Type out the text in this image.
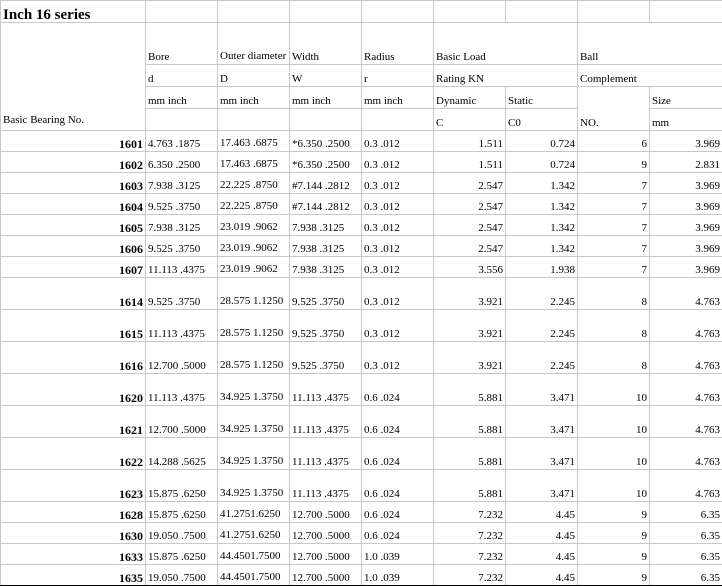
Inch 16 series								
Basic Bearing No.	Bore	Outer diameter	Width	Radius	Basic Load		Ball	
	d	D	W	r	Rating KN		Complement	
	mm inch	mm inch	mm inch	mm inch	Dynamic	Static	NO.	Size
					C	C0		mm
1601	4.763 .1875	17.463 .6875	*6.350 .2500	0.3 .012	1.511	0.724	6	3.969
1602	6.350 .2500	17.463 .6875	*6.350 .2500	0.3 .012	1.511	0.724	9	2.831
1603	7.938 .3125	22.225 .8750	#7.144 .2812	0.3 .012	2.547	1.342	7	3.969
1604	9.525 .3750	22.225 .8750	#7.144 .2812	0.3 .012	2.547	1.342	7	3.969
1605	7.938 .3125	23.019 .9062	7.938 .3125	0.3 .012	2.547	1.342	7	3.969
1606	9.525 .3750	23.019 .9062	7.938 .3125	0.3 .012	2.547	1.342	7	3.969
1607	11.113 .4375	23.019 .9062	7.938 .3125	0.3 .012	3.556	1.938	7	3.969
1614	9.525 .3750	28.575 1.1250	9.525 .3750	0.3 .012	3.921	2.245	8	4.763
1615	11.113 .4375	28.575 1.1250	9.525 .3750	0.3 .012	3.921	2.245	8	4.763
1616	12.700 .5000	28.575 1.1250	9.525 .3750	0.3 .012	3.921	2.245	8	4.763
1620	11.113 .4375	34.925 1.3750	11.113 .4375	0.6 .024	5.881	3.471	10	4.763
1621	12.700 .5000	34.925 1.3750	11.113 .4375	0.6 .024	5.881	3.471	10	4.763
1622	14.288 .5625	34.925 1.3750	11.113 .4375	0.6 .024	5.881	3.471	10	4.763
1623	15.875 .6250	34.925 1.3750	11.113 .4375	0.6 .024	5.881	3.471	10	4.763
1628	15.875 .6250	41.2751.6250	12.700 .5000	0.6 .024	7.232	4.45	9	6.35
1630	19.050 .7500	41.2751.6250	12.700 .5000	0.6 .024	7.232	4.45	9	6.35
1633	15.875 .6250	44.4501.7500	12.700 .5000	1.0 .039	7.232	4.45	9	6.35
1635	19.050 .7500	44.4501.7500	12.700 .5000	1.0 .039	7.232	4.45	9	6.35
